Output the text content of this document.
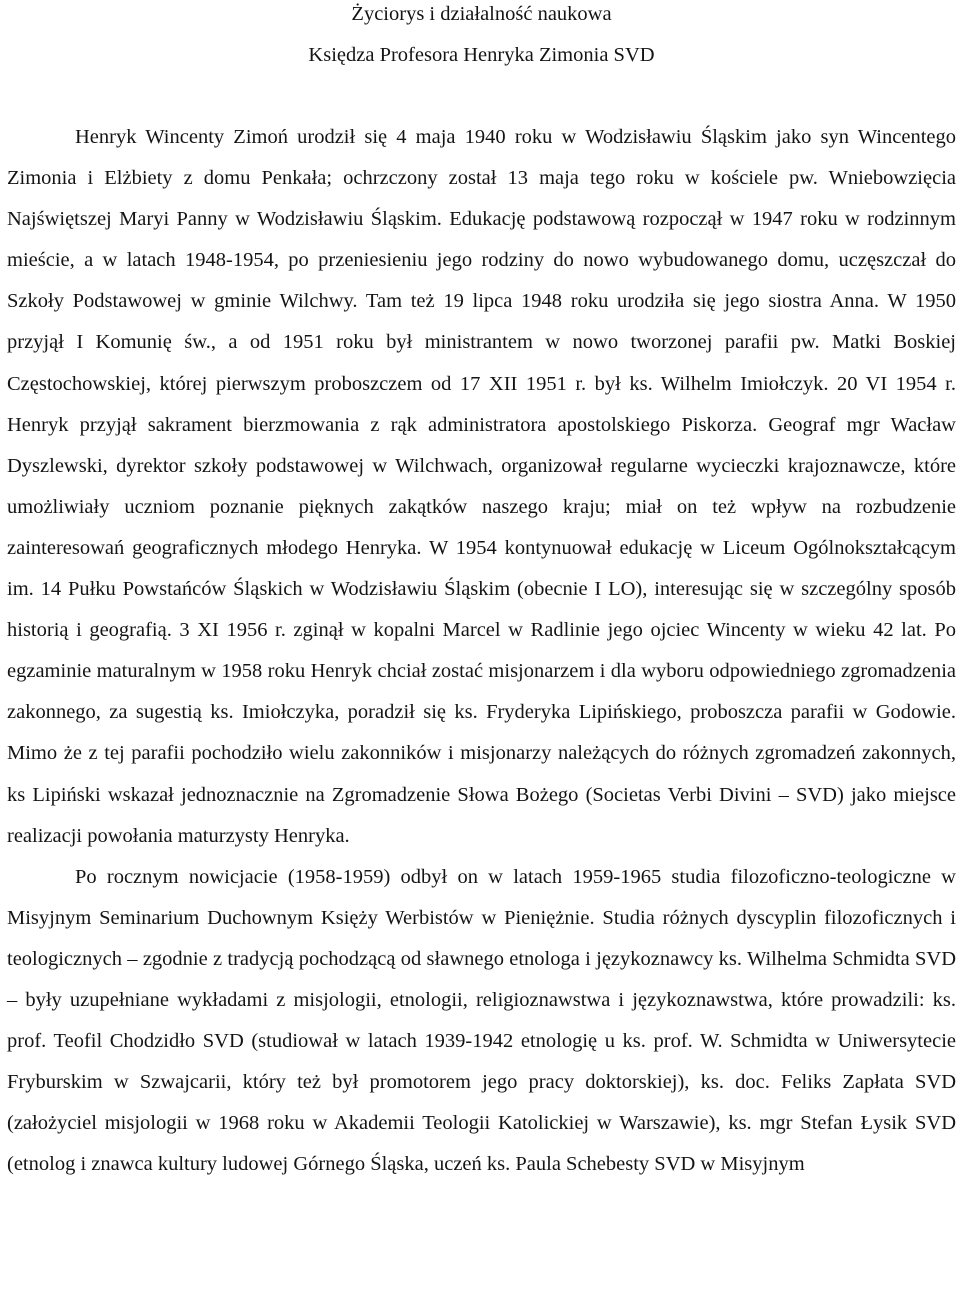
Życiorys i działalność naukowa

Księdza Profesora Henryka Zimonia SVD

Henryk Wincenty Zimoń urodził się 4 maja 1940 roku w Wodzisławiu Śląskim jako syn Wincentego Zimonia i Elżbiety z domu Penkała; ochrzczony został 13 maja tego roku w kościele pw. Wniebowzięcia Najświętszej Maryi Panny w Wodzisławiu Śląskim. Edukację podstawową rozpoczął w 1947 roku w rodzinnym mieście, a w latach 1948-1954, po przeniesieniu jego rodziny do nowo wybudowanego domu, uczęszczał do Szkoły Podstawowej w gminie Wilchwy. Tam też 19 lipca 1948 roku urodziła się jego siostra Anna. W 1950 przyjął I Komunię św., a od 1951 roku był ministrantem w nowo tworzonej parafii pw. Matki Boskiej Częstochowskiej, której pierwszym proboszczem od 17 XII 1951 r. był ks. Wilhelm Imiołczyk. 20 VI 1954 r. Henryk przyjął sakrament bierzmowania z rąk administratora apostolskiego Piskorza. Geograf mgr Wacław Dyszlewski, dyrektor szkoły podstawowej w Wilchwach, organizował regularne wycieczki krajoznawcze, które umożliwiały uczniom poznanie pięknych zakątków naszego kraju; miał on też wpływ na rozbudzenie zainteresowań geograficznych młodego Henryka. W 1954 kontynuował edukację w Liceum Ogólnokształcącym im. 14 Pułku Powstańców Śląskich w Wodzisławiu Śląskim (obecnie I LO), interesując się w szczególny sposób historią i geografią. 3 XI 1956 r. zginął w kopalni Marcel w Radlinie jego ojciec Wincenty w wieku 42 lat. Po egzaminie maturalnym w 1958 roku Henryk chciał zostać misjonarzem i dla wyboru odpowiedniego zgromadzenia zakonnego, za sugestią ks. Imiołczyka, poradził się ks. Fryderyka Lipińskiego, proboszcza parafii w Godowie. Mimo że z tej parafii pochodziło wielu zakonników i misjonarzy należących do różnych zgromadzeń zakonnych, ks Lipiński wskazał jednoznacznie na Zgromadzenie Słowa Bożego (Societas Verbi Divini – SVD) jako miejsce realizacji powołania maturzysty Henryka.

Po rocznym nowicjacie (1958-1959) odbył on w latach 1959-1965 studia filozoficzno-teologiczne w Misyjnym Seminarium Duchownym Księży Werbistów w Pieniężnie. Studia różnych dyscyplin filozoficznych i teologicznych – zgodnie z tradycją pochodzącą od sławnego etnologa i językoznawcy ks. Wilhelma Schmidta SVD – były uzupełniane wykładami z misjologii, etnologii, religioznawstwa i językoznawstwa, które prowadzili: ks. prof. Teofil Chodzidło SVD (studiował w latach 1939-1942 etnologię u ks. prof. W. Schmidta w Uniwersytecie Fryburskim w Szwajcarii, który też był promotorem jego pracy doktorskiej), ks. doc. Feliks Zapłata SVD (założyciel misjologii w 1968 roku w Akademii Teologii Katolickiej w Warszawie), ks. mgr Stefan Łysik SVD (etnolog i znawca kultury ludowej Górnego Śląska, uczeń ks. Paula Schebesty SVD w Misyjnym
